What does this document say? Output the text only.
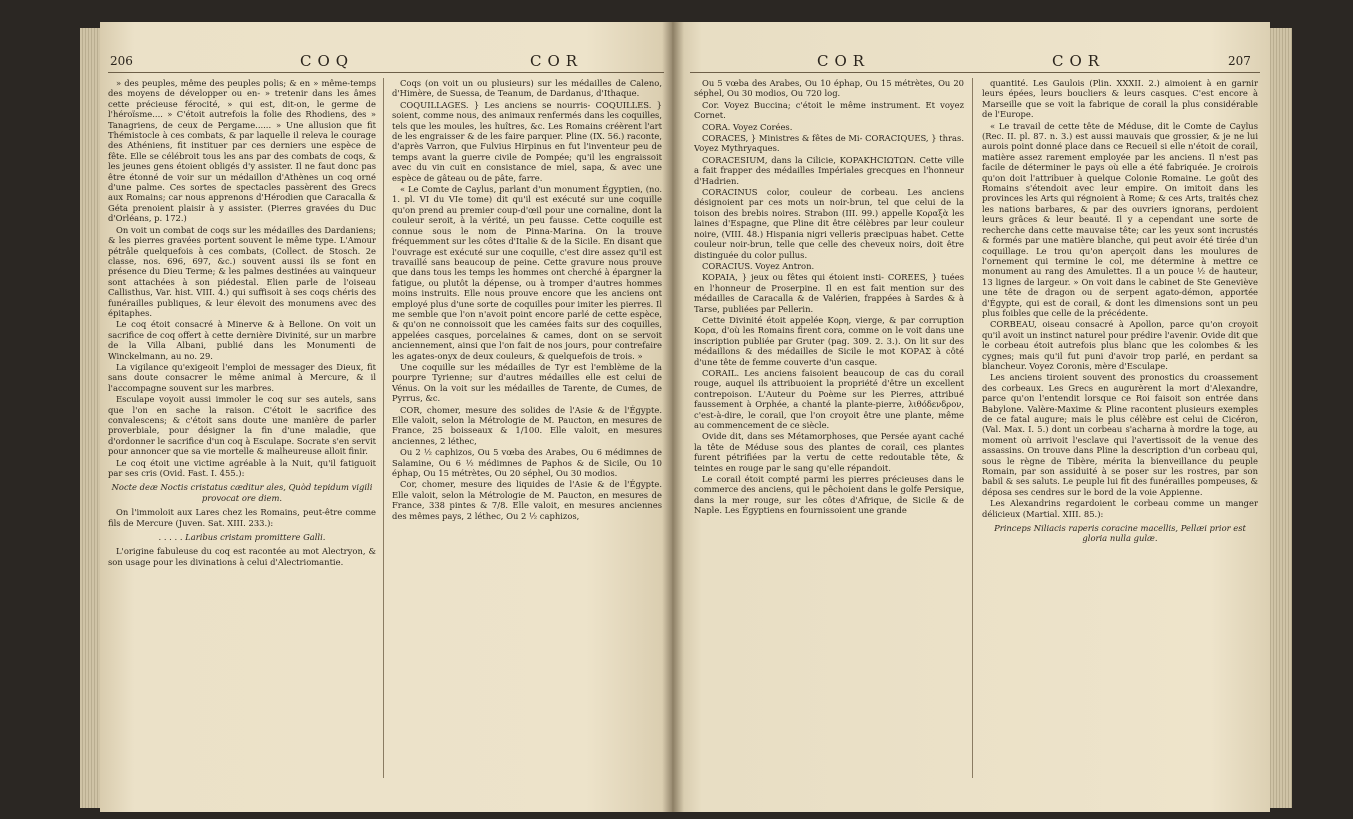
206	COQ	COR

» des peuples, même des peuples polis; & en » même-temps des moyens de développer ou en- » tretenir dans les âmes cette précieuse férocité, » qui est, dit-on, le germe de l'héroïsme.... » C'étoit autrefois la folie des Rhodiens, des » Tanagriens, de ceux de Pergame...... » Une allusion que fit Thémistocle à ces combats, & par laquelle il releva le courage des Athéniens, fit instituer par ces derniers une espèce de fête. Elle se célébroit tous les ans par des combats de coqs, & les jeunes gens étoient obligés d'y assister. Il ne faut donc pas être étonné de voir sur un médaillon d'Athènes un coq orné d'une palme. Ces sortes de spectacles passèrent des Grecs aux Romains; car nous apprenons d'Hérodien que Caracalla & Géta prenoient plaisir à y assister. (Pierres gravées du Duc d'Orléans, p. 172.)

On voit un combat de coqs sur les médailles des Dardaniens; & les pierres gravées portent souvent le même type. L'Amour pétrâle quelquefois à ces combats, (Collect. de Stosch. 2e classe, nos. 696, 697, &c.) souvent aussi ils se font en présence du Dieu Terme; & les palmes destinées au vainqueur sont attachées à son piédestal. Elien parle de l'oiseau Callisthus, Var. hist. VIII. 4.) qui suffisoit à ses coqs chéris des funérailles publiques, & leur élevoit des monumens avec des épitaphes.

Le coq étoit consacré à Minerve & à Bellone. On voit un sacrifice de coq offert à cette dernière Divinité, sur un marbre de la Villa Albani, publié dans les Monumenti de Winckelmann, au no. 29.

La vigilance qu'exigeoit l'emploi de messager des Dieux, fit sans doute consacrer le même animal à Mercure, & il l'accompagne souvent sur les marbres.

Esculape voyoit aussi immoler le coq sur ses autels, sans que l'on en sache la raison. C'étoit le sacrifice des convalescens; & c'étoit sans doute une manière de parler proverbiale, pour désigner la fin d'une maladie, que d'ordonner le sacrifice d'un coq à Esculape. Socrate s'en servit pour annoncer que sa vie mortelle & malheureuse alloit finir.

Le coq étoit une victime agréable à la Nuit, qu'il fatiguoit par ses cris (Ovid. Fast. I. 455.):

Nocte deæ Noctis cristatus cæditur ales, Quòd tepidum vigili provocat ore diem.

On l'immoloit aux Lares chez les Romains, peut-être comme fils de Mercure (Juven. Sat. XIII. 233.):

. . . . . Laribus cristam promittere Galli.

L'origine fabuleuse du coq est racontée au mot Alectryon, & son usage pour les divinations à celui d'Alectriomantie.

Coqs (on voit un ou plusieurs) sur les médailles de Caleno, d'Himère, de Suessa, de Teanum, de Dardanus, d'Ithaque.

COQUILLAGES. } Les anciens se nourris- COQUILLES. } soient, comme nous, des animaux renfermés dans les coquilles, tels que les moules, les huîtres, &c. Les Romains créèrent l'art de les engraisser & de les faire parquer. Pline (IX. 56.) raconte, d'après Varron, que Fulvius Hirpinus en fut l'inventeur peu de temps avant la guerre civile de Pompée; qu'il les engraissoit avec du vin cuit en consistance de miel, sapa, & avec une espèce de gâteau ou de pâte, farre.

« Le Comte de Caylus, parlant d'un monument Égyptien, (no. 1. pl. VI du VIe tome) dit qu'il est exécuté sur une coquille qu'on prend au premier coup-d'œil pour une cornaline, dont la couleur seroit, à la vérité, un peu fausse. Cette coquille est connue sous le nom de Pinna-Marina. On la trouve fréquemment sur les côtes d'Italie & de la Sicile. En disant que l'ouvrage est exécuté sur une coquille, c'est dire assez qu'il est travaillé sans beaucoup de peine. Cette gravure nous prouve que dans tous les temps les hommes ont cherché à épargner la fatigue, ou plutôt la dépense, ou à tromper d'autres hommes moins instruits. Elle nous prouve encore que les anciens ont employé plus d'une sorte de coquilles pour imiter les pierres. Il me semble que l'on n'avoit point encore parlé de cette espèce, & qu'on ne connoissoit que les camées faits sur des coquilles, appelées casques, porcelaines & cames, dont on se servoit anciennement, ainsi que l'on fait de nos jours, pour contrefaire les agates-onyx de deux couleurs, & quelquefois de trois. »

Une coquille sur les médailles de Tyr est l'emblème de la pourpre Tyrienne; sur d'autres médailles elle est celui de Vénus. On la voit sur les médailles de Tarente, de Cumes, de Pyrrus, &c.

COR, chomer, mesure des solides de l'Asie & de l'Égypte. Elle valoit, selon la Métrologie de M. Paucton, en mesures de France, 25 boisseaux & 1/100. Elle valoit, en mesures anciennes, 2 léthec,

Ou 2 ½ caphizos, Ou 5 vœba des Arabes, Ou 6 médimnes de Salamine, Ou 6 ½ médimnes de Paphos & de Sicile, Ou 10 éphap, Ou 15 métrètes, Ou 20 séphel, Ou 30 modios.

Cor, chomer, mesure des liquides de l'Asie & de l'Égypte. Elle valoit, selon la Métrologie de M. Paucton, en mesures de France, 338 pintes & 7/8. Elle valoit, en mesures anciennes des mêmes pays, 2 léthec, Ou 2 ½ caphizos,

COR	COR	207

Ou 5 vœba des Arabes, Ou 10 éphap, Ou 15 métrètes, Ou 20 séphel, Ou 30 modios, Ou 720 log.

Cor. Voyez Buccina; c'étoit le même instrument. Et voyez Cornet.

CORA. Voyez Corées.

CORACES, } Ministres & fêtes de Mi- CORACIQUES, } thras. Voyez Mythryaques.

CORACESIUM, dans la Cilicie, KOPAKHCIΩTΩN. Cette ville a fait frapper des médailles Impériales grecques en l'honneur d'Hadrien.

CORACINUS color, couleur de corbeau. Les anciens désignoient par ces mots un noir-brun, tel que celui de la toison des brebis noires. Strabon (III. 99.) appelle Κοραξὰ les laines d'Espagne, que Pline dit être célèbres par leur couleur noire, (VIII. 48.) Hispania nigri velleris præcipuas habet. Cette couleur noir-brun, telle que celle des cheveux noirs, doit être distinguée du color pullus.

CORACIUS. Voyez Antron.

KOPAIA, } jeux ou fêtes qui étoient insti- COREES, } tuées en l'honneur de Proserpine. Il en est fait mention sur des médailles de Caracalla & de Valérien, frappées à Sardes & à Tarse, publiées par Pellerin.

Cette Divinité étoit appelée Κορη, vierge, & par corruption Κορα, d'où les Romains firent cora, comme on le voit dans une inscription publiée par Gruter (pag. 309. 2. 3.). On lit sur des médaillons & des médailles de Sicile le mot ΚΟΡΑΣ à côté d'une tête de femme couverte d'un casque.

CORAIL. Les anciens faisoient beaucoup de cas du corail rouge, auquel ils attribuoient la propriété d'être un excellent contrepoison. L'Auteur du Poème sur les Pierres, attribué faussement à Orphée, a chanté la plante-pierre, λιθόδενδρον, c'est-à-dire, le corail, que l'on croyoit être une plante, même au commencement de ce siècle.

Ovide dit, dans ses Métamorphoses, que Persée ayant caché la tête de Méduse sous des plantes de corail, ces plantes furent pétrifiées par la vertu de cette redoutable tête, & teintes en rouge par le sang qu'elle répandoit.

Le corail étoit compté parmi les pierres précieuses dans le commerce des anciens, qui le pêchoient dans le golfe Persique, dans la mer rouge, sur les côtes d'Afrique, de Sicile & de Naple. Les Égyptiens en fournissoient une grande

quantité. Les Gaulois (Plin. XXXII. 2.) aimoient à en garnir leurs épées, leurs boucliers & leurs casques. C'est encore à Marseille que se voit la fabrique de corail la plus considérable de l'Europe.

« Le travail de cette tête de Méduse, dit le Comte de Caylus (Rec. II. pl. 87. n. 3.) est aussi mauvais que grossier, & je ne lui aurois point donné place dans ce Recueil si elle n'étoit de corail, matière assez rarement employée par les anciens. Il n'est pas facile de déterminer le pays où elle a été fabriquée. Je croirois qu'on doit l'attribuer à quelque Colonie Romaine. Le goût des Romains s'étendoit avec leur empire. On imitoit dans les provinces les Arts qui régnoient à Rome; & ces Arts, traités chez les nations barbares, & par des ouvriers ignorans, perdoient leurs grâces & leur beauté. Il y a cependant une sorte de recherche dans cette mauvaise tête; car les yeux sont incrustés & formés par une matière blanche, qui peut avoir été tirée d'un coquillage. Le trou qu'on aperçoit dans les moulures de l'ornement qui termine le col, me détermine à mettre ce monument au rang des Amulettes. Il a un pouce ½ de hauteur, 13 lignes de largeur. » On voit dans le cabinet de Ste Geneviève une tête de dragon ou de serpent agato-démon, apportée d'Égypte, qui est de corail, & dont les dimensions sont un peu plus foibles que celle de la précédente.

CORBEAU, oiseau consacré à Apollon, parce qu'on croyoit qu'il avoit un instinct naturel pour prédire l'avenir. Ovide dit que le corbeau étoit autrefois plus blanc que les colombes & les cygnes; mais qu'il fut puni d'avoir trop parlé, en perdant sa blancheur. Voyez Coronis, mère d'Esculape.

Les anciens tiroient souvent des pronostics du croassement des corbeaux. Les Grecs en augurèrent la mort d'Alexandre, parce qu'on l'entendit lorsque ce Roi faisoit son entrée dans Babylone. Valère-Maxime & Pline racontent plusieurs exemples de ce fatal augure; mais le plus célèbre est celui de Cicéron, (Val. Max. I. 5.) dont un corbeau s'acharna à mordre la toge, au moment où arrivoit l'esclave qui l'avertissoit de la venue des assassins. On trouve dans Pline la description d'un corbeau qui, sous le règne de Tibère, mérita la bienveillance du peuple Romain, par son assiduité à se poser sur les rostres, par son babil & ses saluts. Le peuple lui fit des funérailles pompeuses, & déposa ses cendres sur le bord de la voie Appienne.

Les Alexandrins regardoient le corbeau comme un manger délicieux (Martial. XIII. 85.):

Princeps Niliacis raperis coracine macellis, Pellæi prior est gloria nulla gulæ.
